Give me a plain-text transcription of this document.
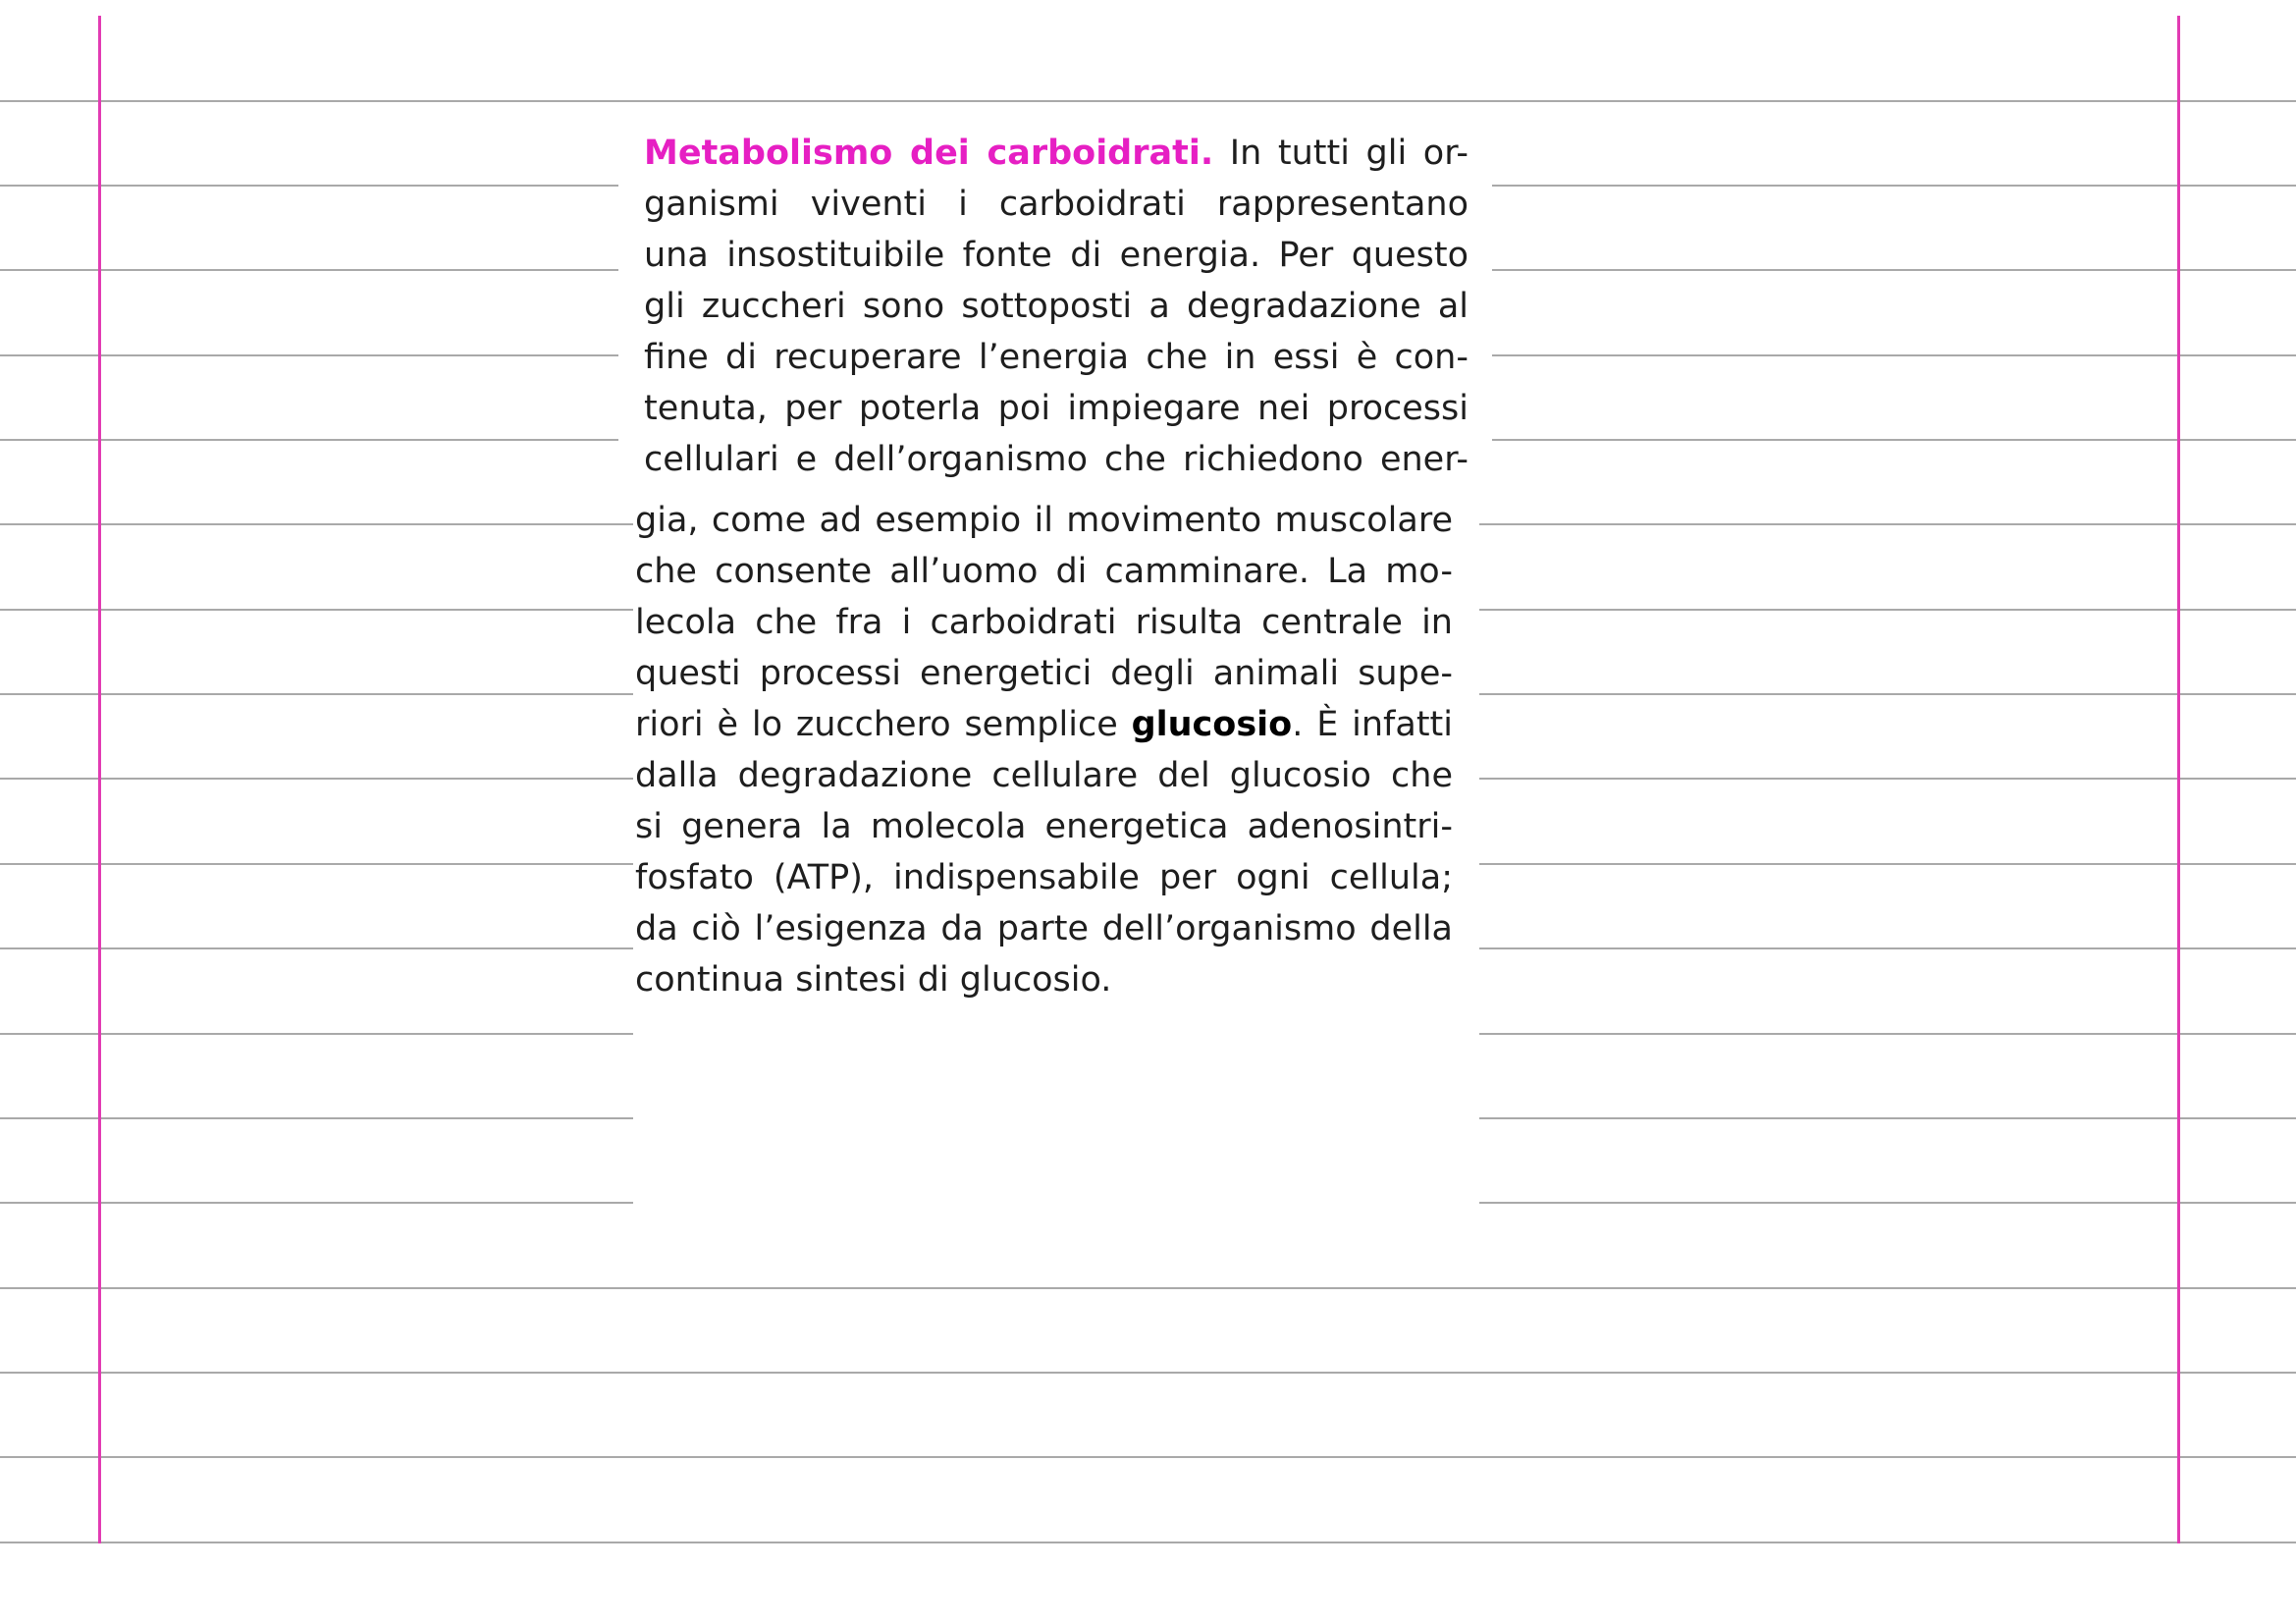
Metabolismo dei carboidrati. In tutti gli or-
ganismi viventi i carboidrati rappresentano
una insostituibile fonte di energia. Per questo
gli zuccheri sono sottoposti a degradazione al
fine di recuperare l’energia che in essi è con-
tenuta, per poterla poi impiegare nei processi
cellulari e dell’organismo che richiedono ener-
gia, come ad esempio il movimento muscolare
che consente all’uomo di camminare. La mo-
lecola che fra i carboidrati risulta centrale in
questi processi energetici degli animali supe-
riori è lo zucchero semplice glucosio. È infatti
dalla degradazione cellulare del glucosio che
si genera la molecola energetica adenosintri-
fosfato (ATP), indispensabile per ogni cellula;
da ciò l’esigenza da parte dell’organismo della
continua sintesi di glucosio.
